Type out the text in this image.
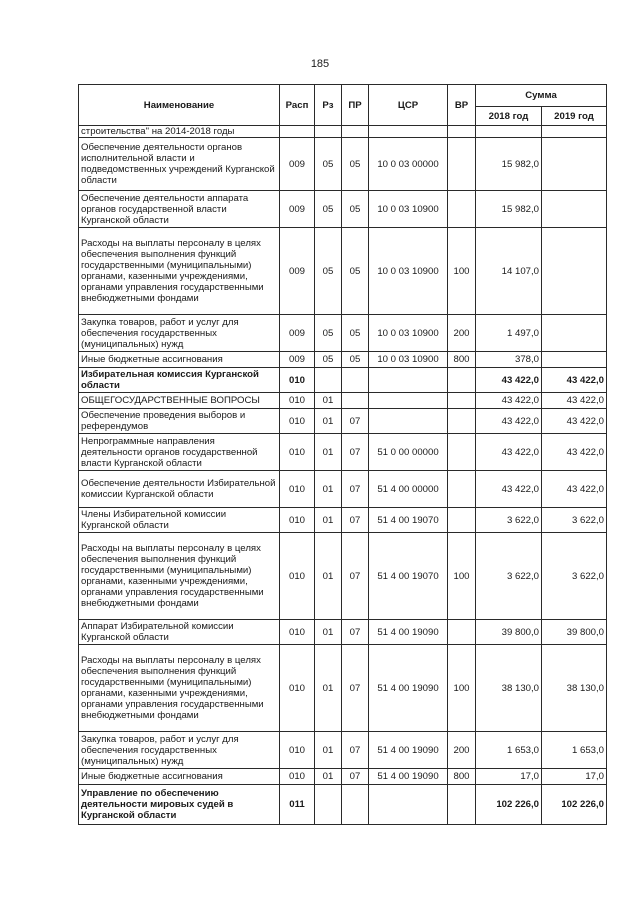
185
Наименование	Расп	Рз	ПР	ЦСР	ВР	Сумма	
						2018 год	2019 год
строительства" на 2014-2018 годы							
Обеспечение деятельности органов исполнительной власти и подведомственных учреждений Курганской области	009	05	05	10 0 03 00000		15 982,0	
Обеспечение деятельности аппарата органов государственной власти Курганской области	009	05	05	10 0 03 10900		15 982,0	
Расходы на выплаты персоналу в целях обеспечения выполнения функций государственными (муниципальными) органами, казенными учреждениями, органами управления государственными внебюджетными фондами	009	05	05	10 0 03 10900	100	14 107,0	
Закупка товаров, работ и услуг для обеспечения государственных (муниципальных) нужд	009	05	05	10 0 03 10900	200	1 497,0	
Иные бюджетные ассигнования	009	05	05	10 0 03 10900	800	378,0	
Избирательная комиссия Курганской области	010					43 422,0	43 422,0
ОБЩЕГОСУДАРСТВЕННЫЕ ВОПРОСЫ	010	01				43 422,0	43 422,0
Обеспечение проведения выборов и референдумов	010	01	07			43 422,0	43 422,0
Непрограммные направления деятельности органов государственной власти Курганской области	010	01	07	51 0 00 00000		43 422,0	43 422,0
Обеспечение деятельности Избирательной комиссии Курганской области	010	01	07	51 4 00 00000		43 422,0	43 422,0
Члены Избирательной комиссии Курганской области	010	01	07	51 4 00 19070		3 622,0	3 622,0
Расходы на выплаты персоналу в целях обеспечения выполнения функций государственными (муниципальными) органами, казенными учреждениями, органами управления государственными внебюджетными фондами	010	01	07	51 4 00 19070	100	3 622,0	3 622,0
Аппарат Избирательной комиссии Курганской области	010	01	07	51 4 00 19090		39 800,0	39 800,0
Расходы на выплаты персоналу в целях обеспечения выполнения функций государственными (муниципальными) органами, казенными учреждениями, органами управления государственными внебюджетными фондами	010	01	07	51 4 00 19090	100	38 130,0	38 130,0
Закупка товаров, работ и услуг для обеспечения государственных (муниципальных) нужд	010	01	07	51 4 00 19090	200	1 653,0	1 653,0
Иные бюджетные ассигнования	010	01	07	51 4 00 19090	800	17,0	17,0
Управление по обеспечению деятельности мировых судей в Курганской области	011					102 226,0	102 226,0
